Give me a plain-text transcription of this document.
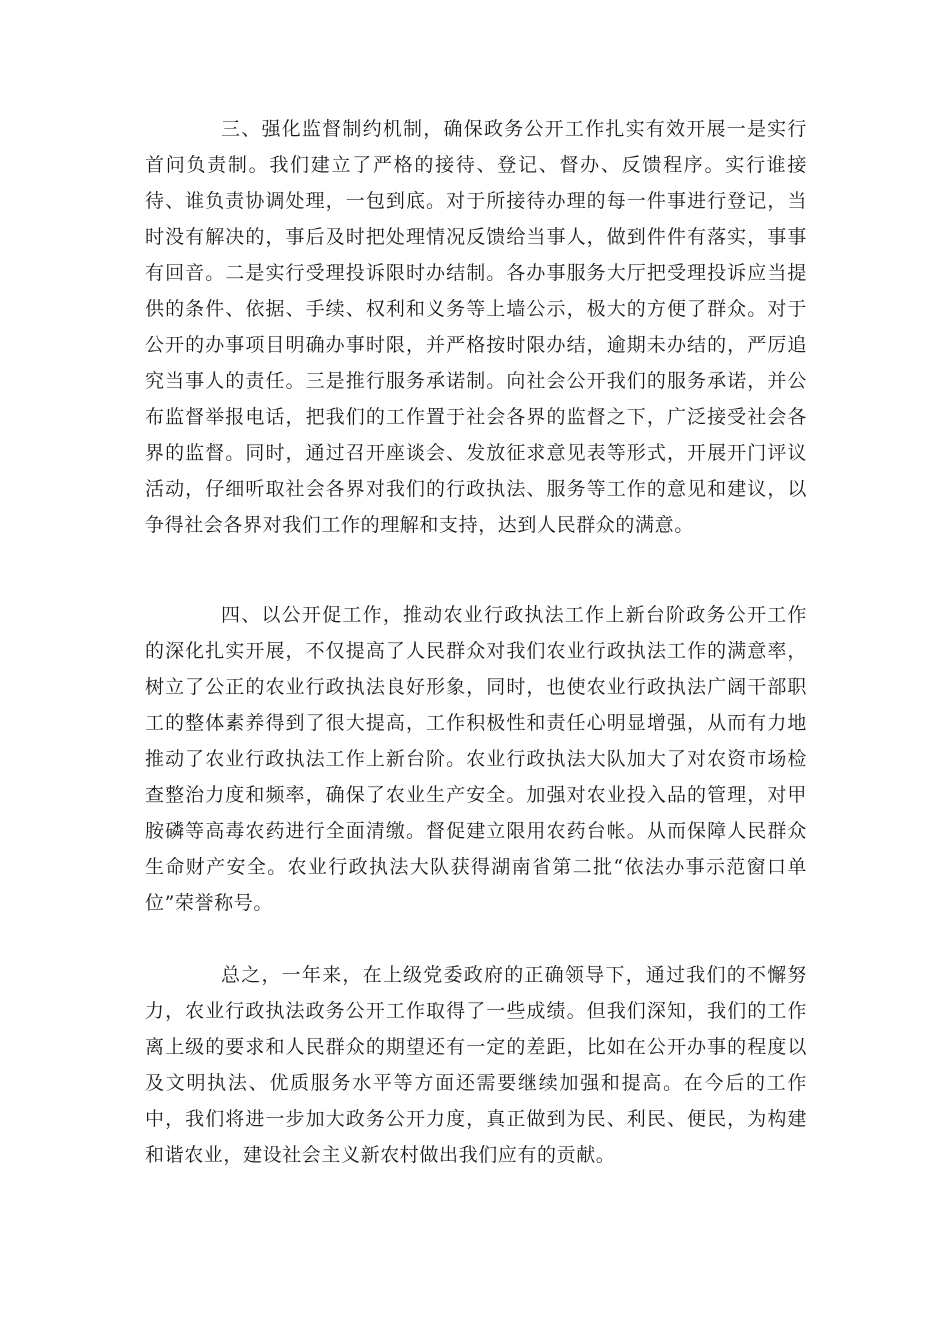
三、强化监督制约机制，确保政务公开工作扎实有效开展一是实行首问负责制。我们建立了严格的接待、登记、督办、反馈程序。实行谁接待、谁负责协调处理，一包到底。对于所接待办理的每一件事进行登记，当时没有解决的，事后及时把处理情况反馈给当事人，做到件件有落实，事事有回音。二是实行受理投诉限时办结制。各办事服务大厅把受理投诉应当提供的条件、依据、手续、权利和义务等上墙公示，极大的方便了群众。对于公开的办事项目明确办事时限，并严格按时限办结，逾期未办结的，严厉追究当事人的责任。三是推行服务承诺制。向社会公开我们的服务承诺，并公布监督举报电话，把我们的工作置于社会各界的监督之下，广泛接受社会各界的监督。同时，通过召开座谈会、发放征求意见表等形式，开展开门评议活动，仔细听取社会各界对我们的行政执法、服务等工作的意见和建议，以争得社会各界对我们工作的理解和支持，达到人民群众的满意。

四、以公开促工作，推动农业行政执法工作上新台阶政务公开工作的深化扎实开展，不仅提高了人民群众对我们农业行政执法工作的满意率，树立了公正的农业行政执法良好形象，同时，也使农业行政执法广阔干部职工的整体素养得到了很大提高，工作积极性和责任心明显增强，从而有力地推动了农业行政执法工作上新台阶。农业行政执法大队加大了对农资市场检查整治力度和频率，确保了农业生产安全。加强对农业投入品的管理，对甲胺磷等高毒农药进行全面清缴。督促建立限用农药台帐。从而保障人民群众生命财产安全。农业行政执法大队获得湖南省第二批“依法办事示范窗口单位”荣誉称号。

总之，一年来，在上级党委政府的正确领导下，通过我们的不懈努力，农业行政执法政务公开工作取得了一些成绩。但我们深知，我们的工作离上级的要求和人民群众的期望还有一定的差距，比如在公开办事的程度以及文明执法、优质服务水平等方面还需要继续加强和提高。在今后的工作中，我们将进一步加大政务公开力度，真正做到为民、利民、便民，为构建和谐农业，建设社会主义新农村做出我们应有的贡献。
